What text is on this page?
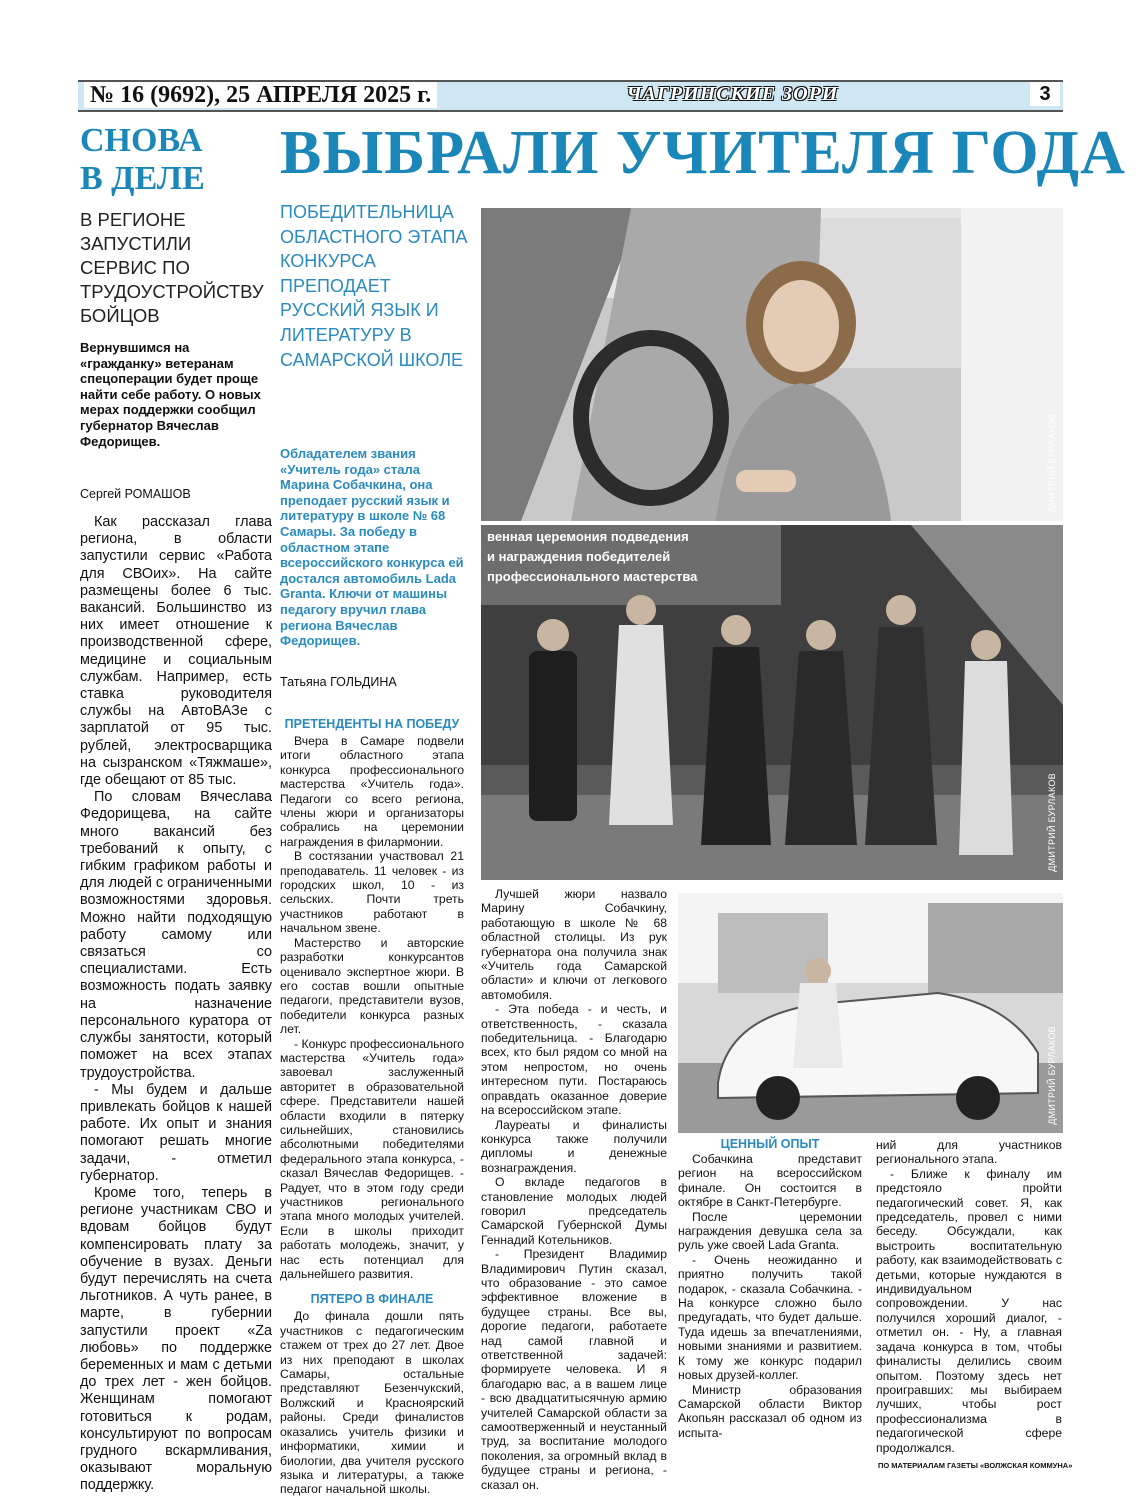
№ 16 (9692), 25 АПРЕЛЯ 2025 г.	ЧАГРИНСКИЕ ЗОРИ	3
СНОВА
В ДЕЛЕ
В РЕГИОНЕ ЗАПУСТИЛИ СЕРВИС ПО ТРУДОУСТРОЙСТВУ БОЙЦОВ
Вернувшимся на «гражданку» ветеранам спецоперации будет проще найти себе работу. О новых мерах поддержки сообщил губернатор Вячеслав Федорищев.
Сергей РОМАШОВ

Как рассказал глава региона, в области запустили сервис «Работа для СВОих». На сайте размещены более 6 тыс. вакансий. Большинство из них имеет отношение к производственной сфере, медицине и социальным службам. Например, есть ставка руководителя службы на АвтоВАЗе с зарплатой от 95 тыс. рублей, электросварщика на сызранском «Тяжмаше», где обещают от 85 тыс.

По словам Вячеслава Федорищева, на сайте много вакансий без требований к опыту, с гибким графиком работы и для людей с ограниченными возможностями здоровья. Можно найти подходящую работу самому или связаться со специалистами. Есть возможность подать заявку на назначение персонального куратора от службы занятости, который поможет на всех этапах трудоустройства.

- Мы будем и дальше привлекать бойцов к нашей работе. Их опыт и знания помогают решать многие задачи, - отметил губернатор.

Кроме того, теперь в регионе участникам СВО и вдовам бойцов будут компенсировать плату за обучение в вузах. Деньги будут перечислять на счета льготников. А чуть ранее, в марте, в губернии запустили проект «Zа любовь» по поддержке беременных и мам с детьми до трех лет - жен бойцов. Женщинам помогают готовиться к родам, консультируют по вопросам грудного вскармливания, оказывают моральную поддержку.

ВЫБРАЛИ УЧИТЕЛЯ ГОДА
ПОБЕДИТЕЛЬНИЦА ОБЛАСТНОГО ЭТАПА КОНКУРСА ПРЕПОДАЕТ РУССКИЙ ЯЗЫК И ЛИТЕРАТУРУ В САМАРСКОЙ ШКОЛЕ
Обладателем звания «Учитель года» стала Марина Собачкина, она преподает русский язык и литературу в школе № 68 Самары. За победу в областном этапе всероссийского конкурса ей достался автомобиль Lada Granta. Ключи от машины педагогу вручил глава региона Вячеслав Федорищев.
Татьяна ГОЛЬДИНА
ДМИТРИЙ БУРЛАКОВ
венная церемония подведения
и награждения победителей
профессионального мастерства
ДМИТРИЙ БУРЛАКОВ
ДМИТРИЙ БУРЛАКОВ
ПРЕТЕНДЕНТЫ НА ПОБЕДУ

Вчера в Самаре подвели итоги областного этапа конкурса профессионального мастерства «Учитель года». Педагоги со всего региона, члены жюри и организаторы собрались на церемонии награждения в филармонии.

В состязании участвовал 21 преподаватель. 11 человек - из городских школ, 10 - из сельских. Почти треть участников работают в начальном звене.

Мастерство и авторские разработки конкурсантов оценивало экспертное жюри. В его состав вошли опытные педагоги, представители вузов, победители конкурса разных лет.

- Конкурс профессионального мастерства «Учитель года» завоевал заслуженный авторитет в образовательной сфере. Представители нашей области входили в пятерку сильнейших, становились абсолютными победителями федерального этапа конкурса, - сказал Вячеслав Федорищев. - Радует, что в этом году среди участников регионального этапа много молодых учителей. Если в школы приходит работать молодежь, значит, у нас есть потенциал для дальнейшего развития.

ПЯТЕРО В ФИНАЛЕ

До финала дошли пять участников с педагогическим стажем от трех до 27 лет. Двое из них преподают в школах Самары, остальные представляют Безенчукский, Волжский и Красноярский районы. Среди финалистов оказались учитель физики и информатики, химии и биологии, два учителя русского языка и литературы, а также педагог начальной школы.

Лучшей жюри назвало Марину Собачкину, работающую в школе № 68 областной столицы. Из рук губернатора она получила знак «Учитель года Самарской области» и ключи от легкового автомобиля.

- Эта победа - и честь, и ответственность, - сказала победительница. - Благодарю всех, кто был рядом со мной на этом непростом, но очень интересном пути. Постараюсь оправдать оказанное доверие на всероссийском этапе.

Лауреаты и финалисты конкурса также получили дипломы и денежные вознаграждения.

О вкладе педагогов в становление молодых людей говорил председатель Самарской Губернской Думы Геннадий Котельников.

- Президент Владимир Владимирович Путин сказал, что образование - это самое эффективное вложение в будущее страны. Все вы, дорогие педагоги, работаете над самой главной и ответственной задачей: формируете человека. И я благодарю вас, а в вашем лице - всю двадцатитысячную армию учителей Самарской области за самоотверженный и неустанный труд, за воспитание молодого поколения, за огромный вклад в будущее страны и региона, - сказал он.

ЦЕННЫЙ ОПЫТ

Собачкина представит регион на всероссийском финале. Он состоится в октябре в Санкт-Петербурге.

После церемонии награждения девушка села за руль уже своей Lada Granta.

- Очень неожиданно и приятно получить такой подарок, - сказала Собачкина. - На конкурсе сложно было предугадать, что будет дальше. Туда идешь за впечатлениями, новыми знаниями и развитием. К тому же конкурс подарил новых друзей-коллег.

Министр образования Самарской области Виктор Акопьян рассказал об одном из испыта-

ний для участников регионального этапа.

- Ближе к финалу им предстояло пройти педагогический совет. Я, как председатель, провел с ними беседу. Обсуждали, как выстроить воспитательную работу, как взаимодействовать с детьми, которые нуждаются в индивидуальном сопровождении. У нас получился хороший диалог, - отметил он. - Ну, а главная задача конкурса в том, чтобы финалисты делились своим опытом. Поэтому здесь нет проигравших: мы выбираем лучших, чтобы рост профессионализма в педагогической сфере продолжался.

ПО МАТЕРИАЛАМ ГАЗЕТЫ «ВОЛЖСКАЯ КОММУНА»
